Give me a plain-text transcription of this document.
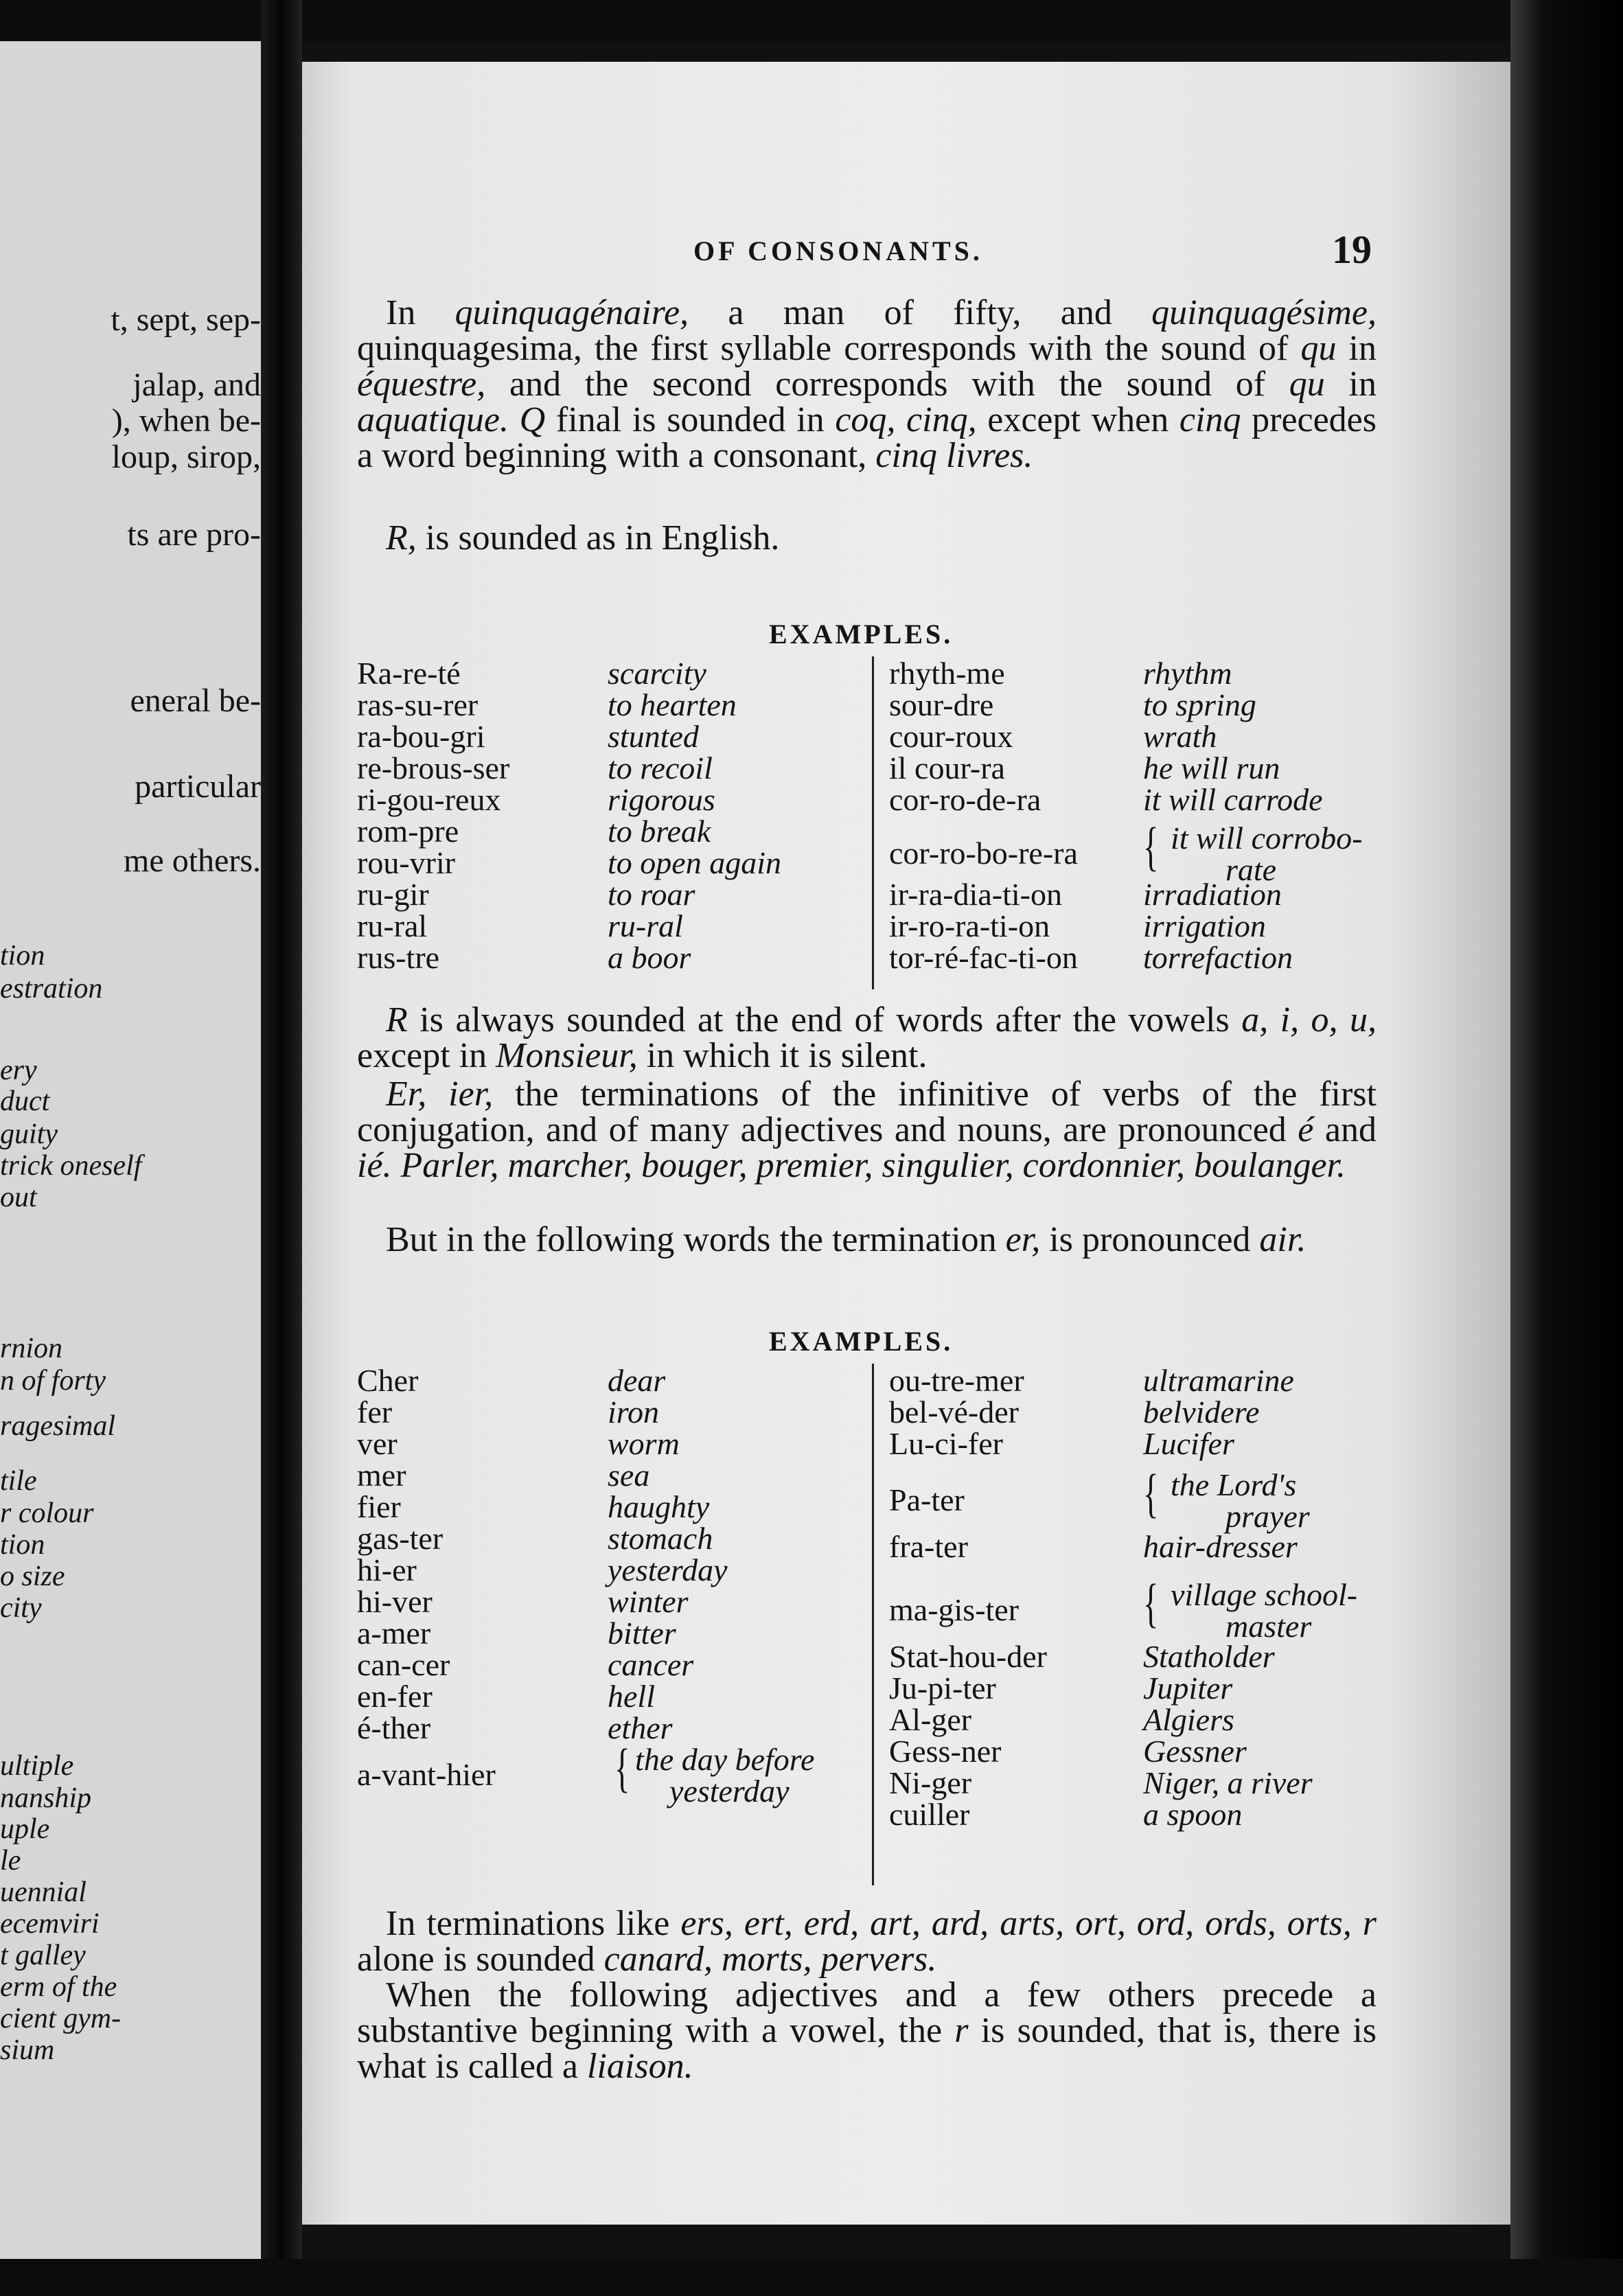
t, sept, sep-
jalap, and
), when be-
loup, sirop,
ts are pro-
eneral be-
particular
me others.
tion
estration
ery
duct
guity
trick oneself
out
rnion
n of forty
ragesimal
tile
r colour
tion
o size
city
ultiple
nanship
uple
le
uennial
ecemviri
t galley
erm of the
cient gym-
sium
OF CONSONANTS.	19
In quinquagénaire, a man of fifty, and quinquagésime, quinquagesima, the first syllable corresponds with the sound of qu in équestre, and the second corresponds with the sound of qu in aquatique. Q final is sounded in coq, cinq, except when cinq precedes a word beginning with a consonant, cinq livres.
R, is sounded as in English.
EXAMPLES.
Ra-re-té	scarcity
ras-su-rer	to hearten
ra-bou-gri	stunted
re-brous-ser	to recoil
ri-gou-reux	rigorous
rom-pre	to break
rou-vrir	to open again
ru-gir	to roar
ru-ral	ru-ral
rus-tre	a boor
rhyth-me	rhythm
sour-dre	to spring
cour-roux	wrath
il cour-ra	he will run
cor-ro-de-ra	it will carrode
cor-ro-bo-re-ra { it will corrobo-
rate
ir-ra-dia-ti-on	irradiation
ir-ro-ra-ti-on	irrigation
tor-ré-fac-ti-on torrefaction
R is always sounded at the end of words after the vowels a, i, o, u, except in Monsieur, in which it is silent.
Er, ier, the terminations of the infinitive of verbs of the first conjugation, and of many adjectives and nouns, are pronounced é and ié. Parler, marcher, bouger, premier, singulier, cordonnier, boulanger.
But in the following words the termination er, is pronounced air.
EXAMPLES.
Cher	dear
fer	iron
ver	worm
mer	sea
fier	haughty
gas-ter	stomach
hi-er	yesterday
hi-ver	winter
a-mer	bitter
can-cer	cancer
en-fer	hell
é-ther	ether
a-vant-hier { the day before
yesterday
ou-tre-mer	ultramarine
bel-vé-der	belvidere
Lu-ci-fer	Lucifer
Pa-ter	{ the Lord's
prayer
fra-ter	hair-dresser
ma-gis-ter { village school-
master
Stat-hou-der	Statholder
Ju-pi-ter	Jupiter
Al-ger	Algiers
Gess-ner	Gessner
Ni-ger	Niger, a river
cuiller	a spoon
In terminations like ers, ert, erd, art, ard, arts, ort, ord, ords, orts, r alone is sounded canard, morts, pervers.
When the following adjectives and a few others precede a substantive beginning with a vowel, the r is sounded, that is, there is what is called a liaison.
